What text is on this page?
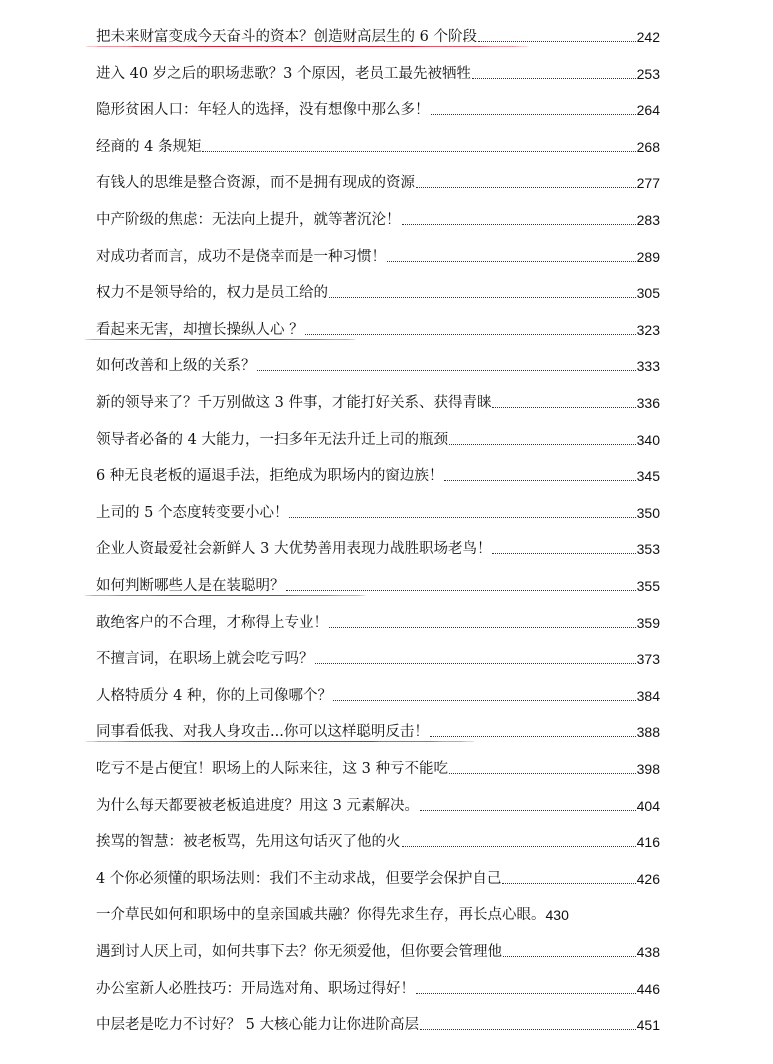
把未来财富变成今天奋斗的资本？创造财高层生的 6 个阶段	242
进入 40 岁之后的职场悲歌？3 个原因，老员工最先被牺牲	253
隐形贫困人口：年轻人的选择，没有想像中那么多！	264
经商的 4 条规矩	268
有钱人的思维是整合资源，而不是拥有现成的资源	277
中产阶级的焦虑：无法向上提升，就等著沉沦！	283
对成功者而言，成功不是侥幸而是一种习惯！	289
权力不是领导给的，权力是员工给的	305
看起来无害，却擅长操纵人心 ？	323
如何改善和上级的关系？	333
新的领导来了？千万别做这 3 件事，才能打好关系、获得青睐	336
领导者必备的 4 大能力，一扫多年无法升迁上司的瓶颈	340
6 种无良老板的逼退手法，拒绝成为职场内的窗边族！	345
上司的 5 个态度转变要小心！	350
企业人资最爱社会新鲜人 3 大优势善用表现力战胜职场老鸟！	353
如何判断哪些人是在装聪明？	355
敢绝客户的不合理，才称得上专业！	359
不擅言词，在职场上就会吃亏吗？	373
人格特质分 4 种，你的上司像哪个？	384
同事看低我、对我人身攻击...你可以这样聪明反击！	388
吃亏不是占便宜！职场上的人际来往，这 3 种亏不能吃	398
为什么每天都要被老板追进度？用这 3 元素解决。	404
挨骂的智慧：被老板骂，先用这句话灭了他的火	416
4 个你必须懂的职场法则：我们不主动求战，但要学会保护自己	426
一介草民如何和职场中的皇亲国戚共融？你得先求生存，再长点心眼。 430
遇到讨人厌上司，如何共事下去？你无须爱他，但你要会管理他	438
办公室新人必胜技巧：开局选对角、职场过得好！	446
中层老是吃力不讨好？ 5 大核心能力让你进阶高层	451
